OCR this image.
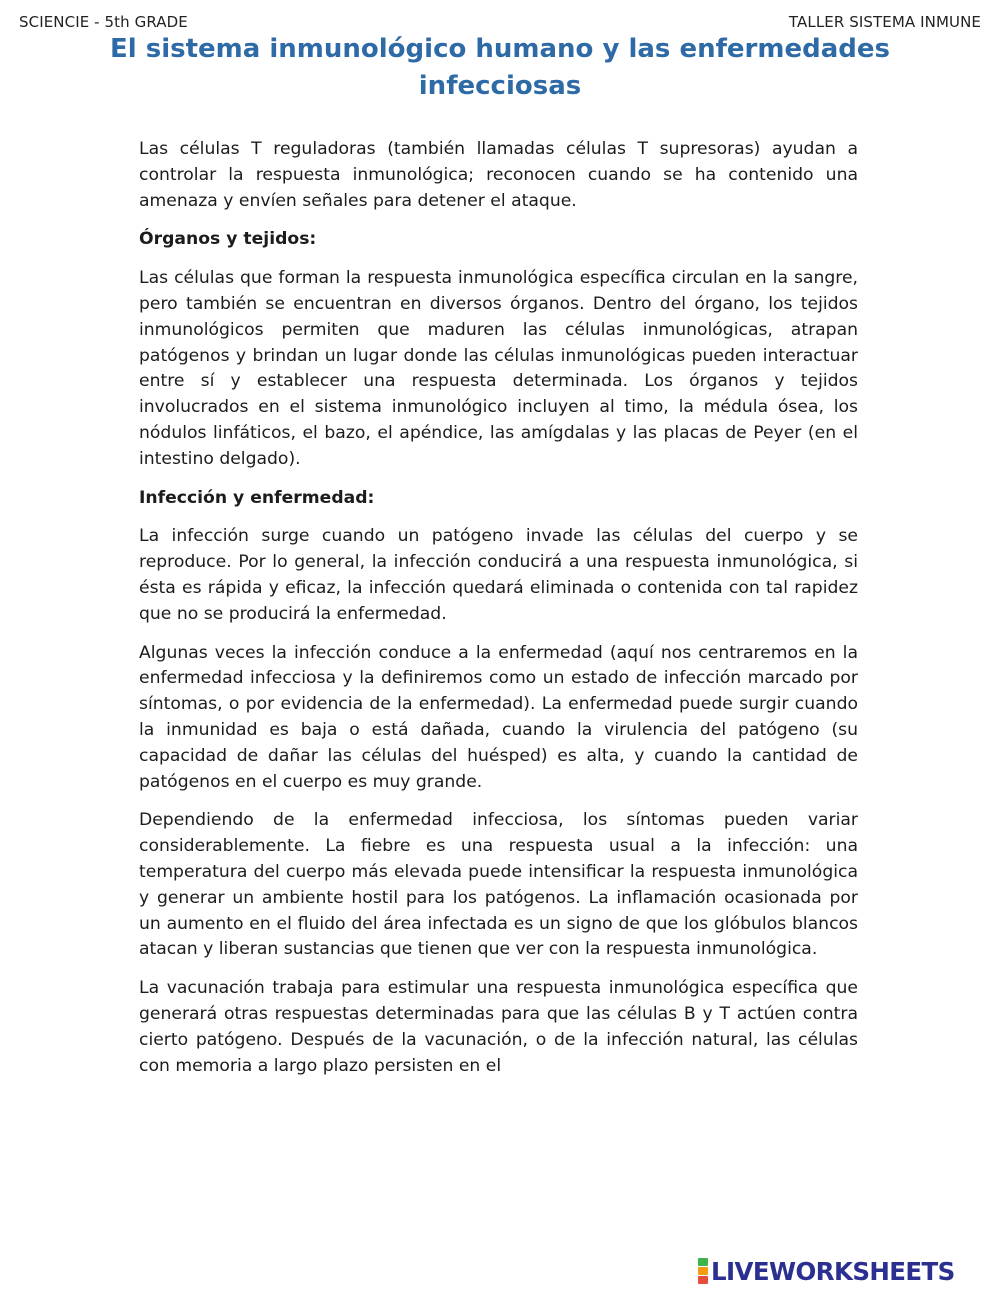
SCIENCIE - 5th GRADE	TALLER SISTEMA INMUNE
El sistema inmunológico humano y las enfermedades
infecciosas

Las células T reguladoras (también llamadas células T supresoras) ayudan a controlar la respuesta inmunológica; reconocen cuando se ha contenido una amenaza y envíen señales para detener el ataque.

Órganos y tejidos:

Las células que forman la respuesta inmunológica específica circulan en la sangre, pero también se encuentran en diversos órganos. Dentro del órgano, los tejidos inmunológicos permiten que maduren las células inmunológicas, atrapan patógenos y brindan un lugar donde las células inmunológicas pueden interactuar entre sí y establecer una respuesta determinada. Los órganos y tejidos involucrados en el sistema inmunológico incluyen al timo, la médula ósea, los nódulos linfáticos, el bazo, el apéndice, las amígdalas y las placas de Peyer (en el intestino delgado).

Infección y enfermedad:

La infección surge cuando un patógeno invade las células del cuerpo y se reproduce. Por lo general, la infección conducirá a una respuesta inmunológica, si ésta es rápida y eficaz, la infección quedará eliminada o contenida con tal rapidez que no se producirá la enfermedad.

Algunas veces la infección conduce a la enfermedad (aquí nos centraremos en la enfermedad infecciosa y la definiremos como un estado de infección marcado por síntomas, o por evidencia de la enfermedad). La enfermedad puede surgir cuando la inmunidad es baja o está dañada, cuando la virulencia del patógeno (su capacidad de dañar las células del huésped) es alta, y cuando la cantidad de patógenos en el cuerpo es muy grande.

Dependiendo de la enfermedad infecciosa, los síntomas pueden variar considerablemente. La fiebre es una respuesta usual a la infección: una temperatura del cuerpo más elevada puede intensificar la respuesta inmunológica y generar un ambiente hostil para los patógenos. La inflamación ocasionada por un aumento en el fluido del área infectada es un signo de que los glóbulos blancos atacan y liberan sustancias que tienen que ver con la respuesta inmunológica.

La vacunación trabaja para estimular una respuesta inmunológica específica que generará otras respuestas determinadas para que las células B y T actúen contra cierto patógeno. Después de la vacunación, o de la infección natural, las células con memoria a largo plazo persisten en el

LIVEWORKSHEETS
